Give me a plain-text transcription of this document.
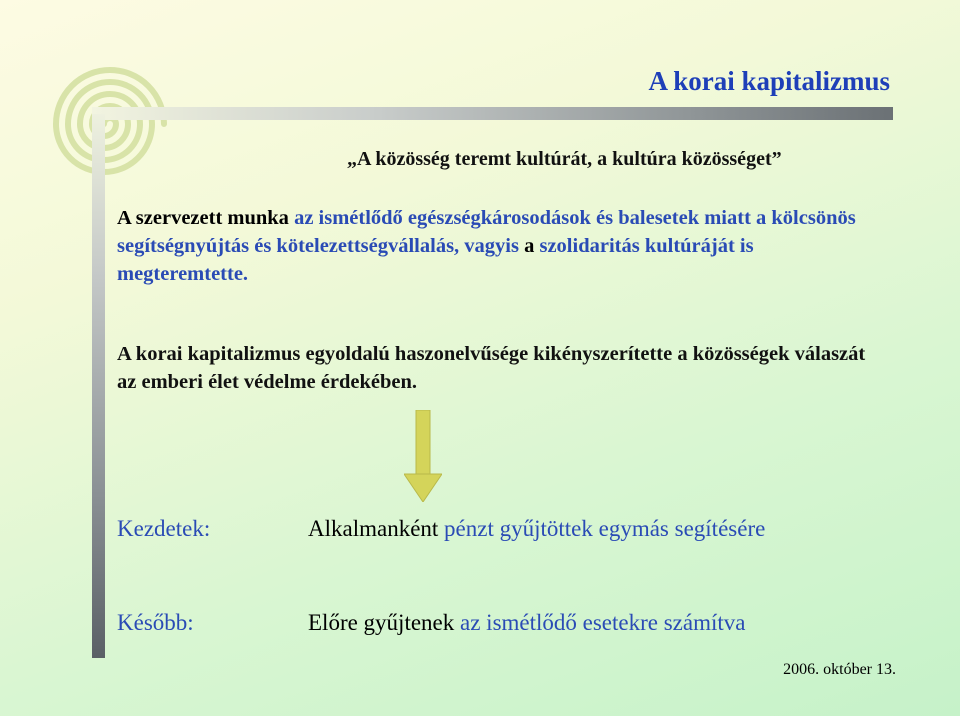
A korai kapitalizmus

„A közösség teremt kultúrát, a kultúra közösséget”

A szervezett munka az ismétlődő egészségkárosodások és balesetek miatt a kölcsönös segítségnyújtás és kötelezettségvállalás, vagyis a szolidaritás kultúráját is megteremtette.

A korai kapitalizmus egyoldalú haszonelvűsége kikényszerítette a közösségek válaszát az emberi élet védelme érdekében.

Kezdetek:	Alkalmanként pénzt gyűjtöttek egymás segítésére

Később:	Előre gyűjtenek az ismétlődő esetekre számítva

2006. október 13.
